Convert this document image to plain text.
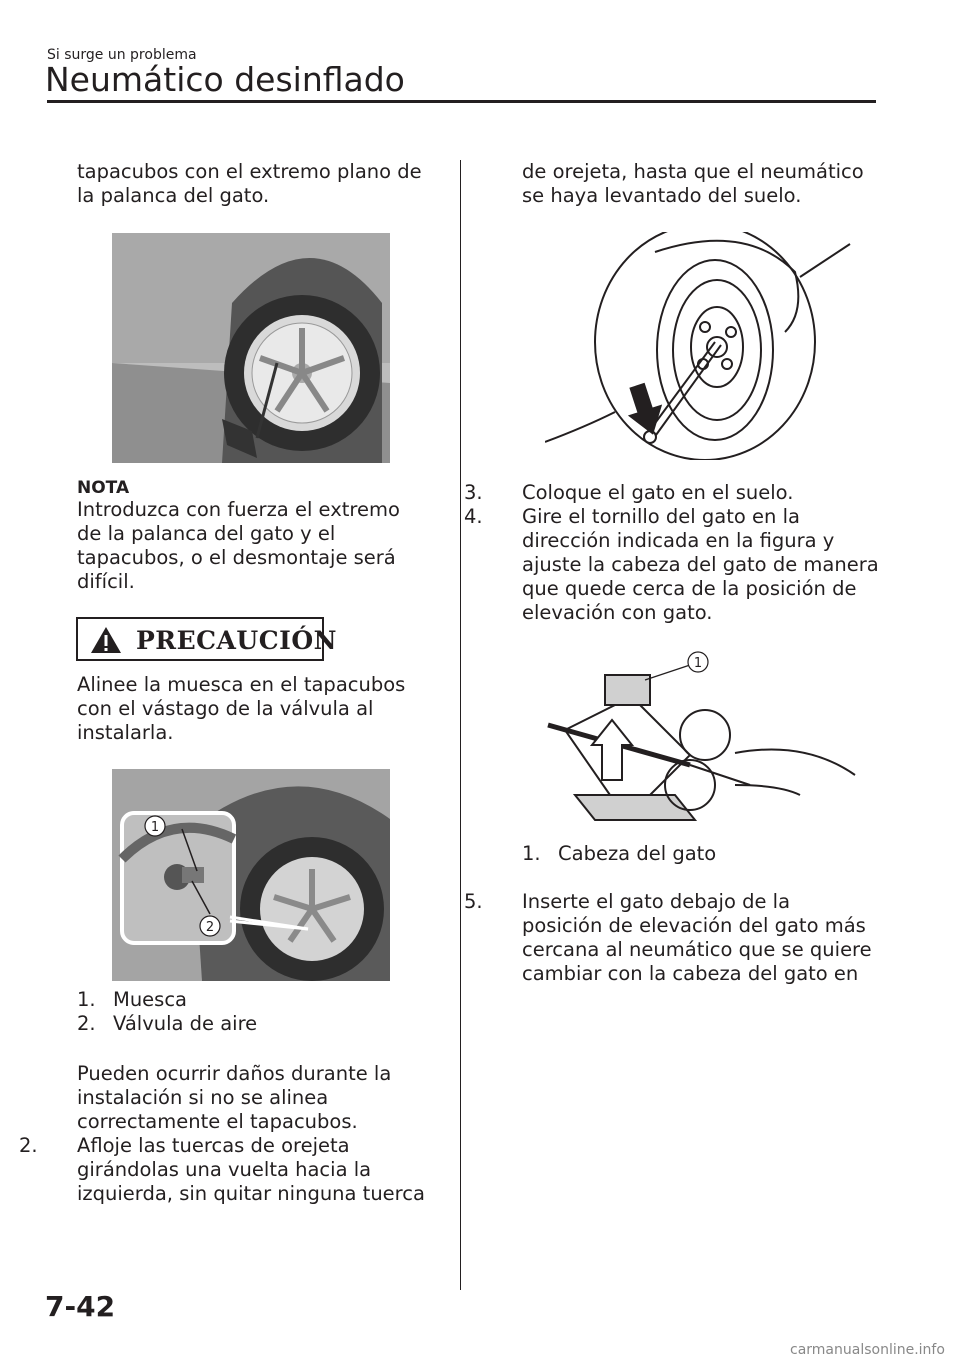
Si surge un problema
Neumático desinflado

tapacubos con el extremo plano de

la palanca del gato.

NOTA

Introduzca con fuerza el extremo

de la palanca del gato y el

tapacubos, o el desmontaje será

difícil.

PRECAUCIÓN

Alinee la muesca en el tapacubos

con el vástago de la válvula al

instalarla.

1
2
1. Muesca
2. Válvula de aire

Pueden ocurrir daños durante la

instalación si no se alinea

correctamente el tapacubos.

2. Afloje las tuercas de orejeta

girándolas una vuelta hacia la

izquierda, sin quitar ninguna tuerca

de orejeta, hasta que el neumático

se haya levantado del suelo.

3. Coloque el gato en el suelo.

4. Gire el tornillo del gato en la

dirección indicada en la figura y

ajuste la cabeza del gato de manera

que quede cerca de la posición de

elevación con gato.

1
1. Cabeza del gato
5. Inserte el gato debajo de la

posición de elevación del gato más

cercana al neumático que se quiere

cambiar con la cabeza del gato en

7-42
carmanualsonline.info
